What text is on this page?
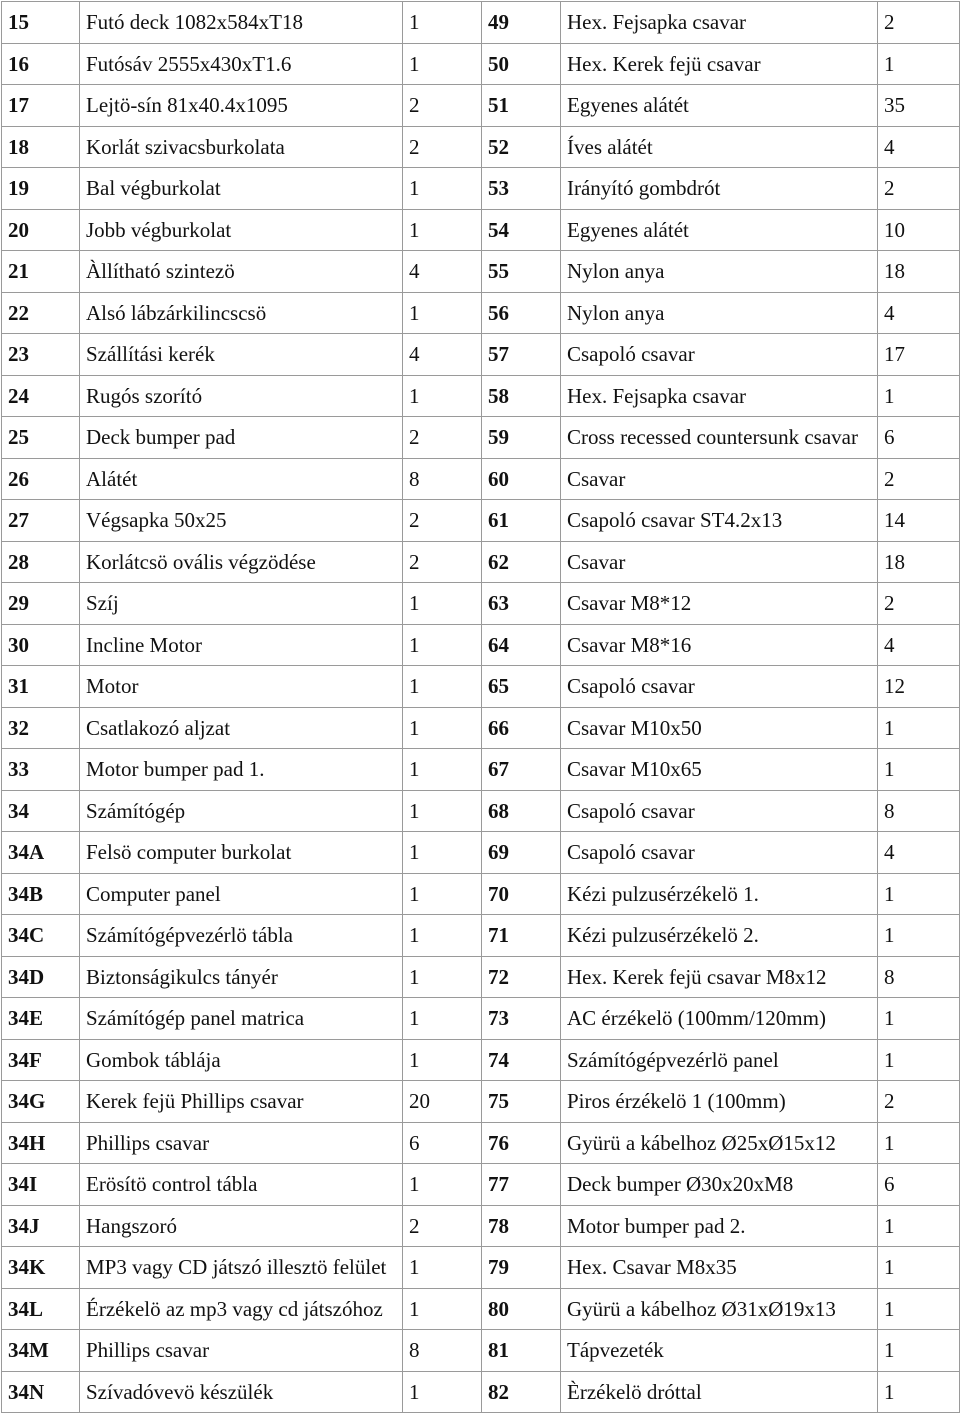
15	Futó deck 1082x584xT18	1	49	Hex. Fejsapka csavar	2
16	Futósáv 2555x430xT1.6	1	50	Hex. Kerek fejü csavar	1
17	Lejtö-sín 81x40.4x1095	2	51	Egyenes alátét	35
18	Korlát szivacsburkolata	2	52	Íves alátét	4
19	Bal végburkolat	1	53	Irányító gombdrót	2
20	Jobb végburkolat	1	54	Egyenes alátét	10
21	Àllítható szintezö	4	55	Nylon anya	18
22	Alsó lábzárkilincscsö	1	56	Nylon anya	4
23	Szállítási kerék	4	57	Csapoló csavar	17
24	Rugós szorító	1	58	Hex. Fejsapka csavar	1
25	Deck bumper pad	2	59	Cross recessed countersunk csavar	6
26	Alátét	8	60	Csavar	2
27	Végsapka 50x25	2	61	Csapoló csavar ST4.2x13	14
28	Korlátcsö ovális végzödése	2	62	Csavar	18
29	Szíj	1	63	Csavar M8*12	2
30	Incline Motor	1	64	Csavar M8*16	4
31	Motor	1	65	Csapoló csavar	12
32	Csatlakozó aljzat	1	66	Csavar M10x50	1
33	Motor bumper pad 1.	1	67	Csavar M10x65	1
34	Számítógép	1	68	Csapoló csavar	8
34A	Felsö computer burkolat	1	69	Csapoló csavar	4
34B	Computer panel	1	70	Kézi pulzusérzékelö 1.	1
34C	Számítógépvezérlö tábla	1	71	Kézi pulzusérzékelö 2.	1
34D	Biztonságikulcs tányér	1	72	Hex. Kerek fejü csavar M8x12	8
34E	Számítógép panel matrica	1	73	AC érzékelö (100mm/120mm)	1
34F	Gombok táblája	1	74	Számítógépvezérlö panel	1
34G	Kerek fejü Phillips csavar	20	75	Piros érzékelö 1 (100mm)	2
34H	Phillips csavar	6	76	Gyürü a kábelhoz Ø25xØ15x12	1
34I	Erösítö control tábla	1	77	Deck bumper Ø30x20xM8	6
34J	Hangszoró	2	78	Motor bumper pad 2.	1
34K	MP3 vagy CD játszó illesztö felület	1	79	Hex. Csavar M8x35	1
34L	Érzékelö az mp3 vagy cd játszóhoz	1	80	Gyürü a kábelhoz Ø31xØ19x13	1
34M	Phillips csavar	8	81	Tápvezeték	1
34N	Szívadóvevö készülék	1	82	Èrzékelö dróttal	1
